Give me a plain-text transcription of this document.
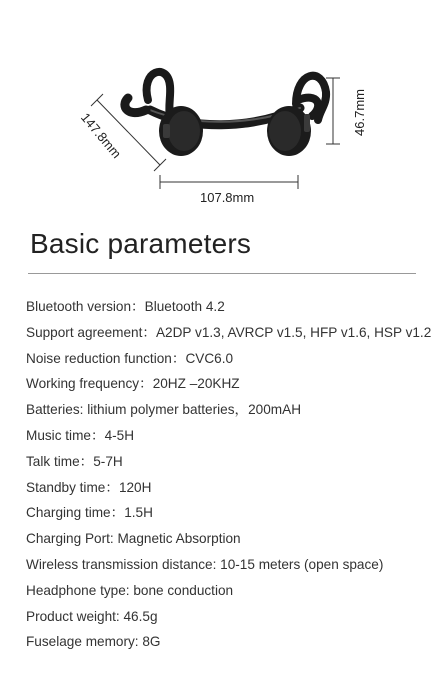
107.8mm
46.7mm
147.8mm
Basic parameters
Bluetooth version：Bluetooth 4.2
Support agreement：A2DP v1.3, AVRCP v1.5, HFP v1.6, HSP v1.2
Noise reduction function：CVC6.0
Working frequency：20HZ –20KHZ
Batteries: lithium polymer batteries，200mAH
Music time：4-5H
Talk time：5-7H
Standby time：120H
Charging time：1.5H
Charging Port: Magnetic Absorption
Wireless transmission distance: 10-15 meters (open space)
Headphone type: bone conduction
Product weight: 46.5g
Fuselage memory: 8G
